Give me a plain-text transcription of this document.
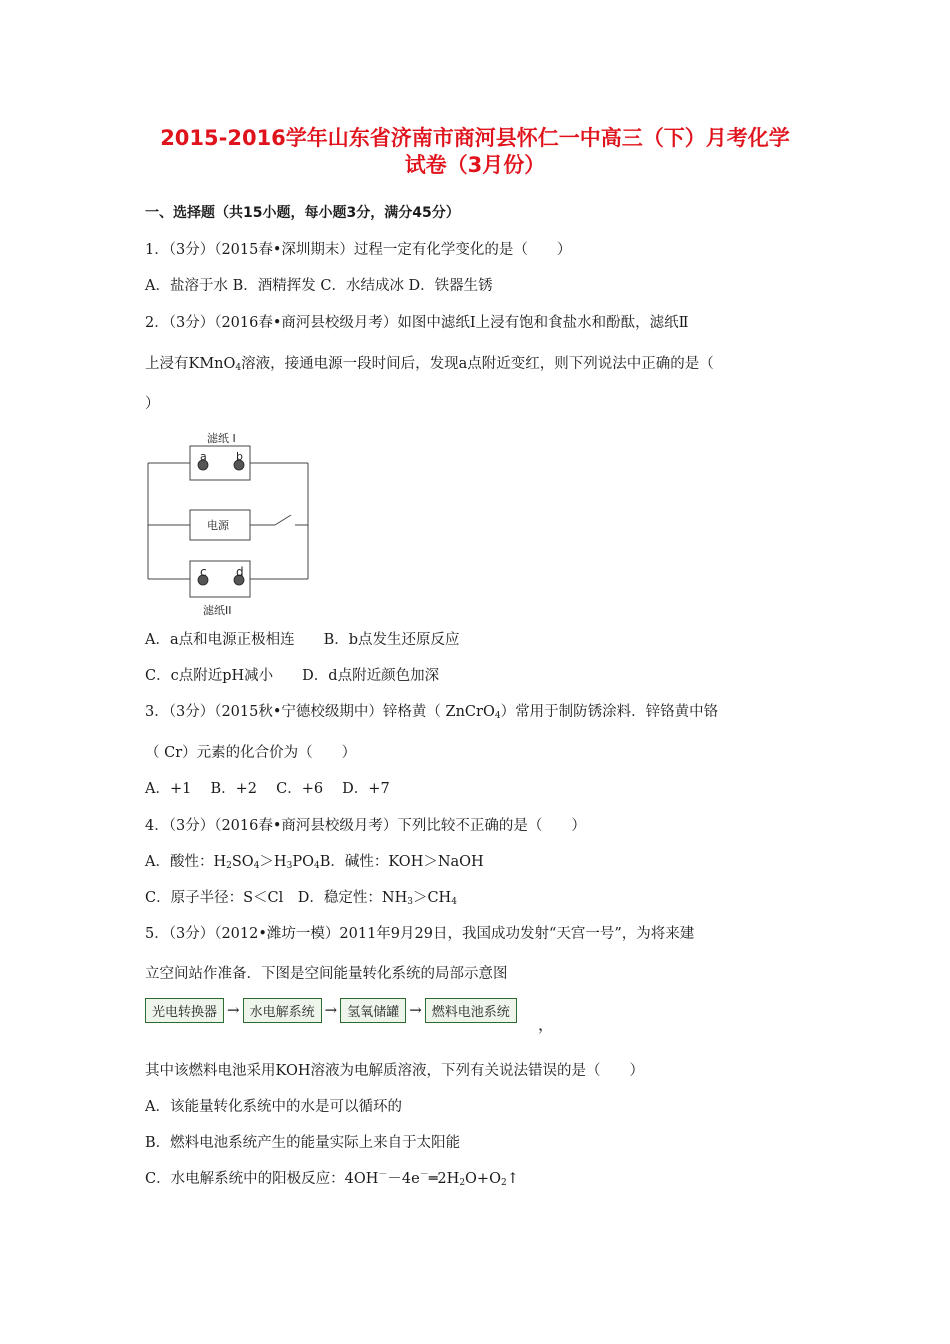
2015-2016学年山东省济南市商河县怀仁一中高三（下）月考化学
试卷（3月份）
一、选择题（共15小题，每小题3分，满分45分）
1．（3分）（2015春•深圳期末）过程一定有化学变化的是（　　）
A．盐溶于水 B．酒精挥发 C．水结成冰 D．铁器生锈
2．（3分）（2016春•商河县校级月考）如图中滤纸Ⅰ上浸有饱和食盐水和酚酞，滤纸Ⅱ
上浸有KMnO$_4$溶液，接通电源一段时间后，发现a点附近变红，则下列说法中正确的是（
）
滤纸 I
a	b
电源
c d
滤纸II
A．a点和电源正极相连　　B．b点发生还原反应
C．c点附近pH减小　　D．d点附近颜色加深
3．（3分）（2015秋•宁德校级期中）锌格黄（ ZnCrO$_4$）常用于制防锈涂料．锌铬黄中铬
（ Cr）元素的化合价为（　　）
A．+1　 B．+2　 C．+6　 D．+7
4．（3分）（2016春•商河县校级月考）下列比较不正确的是（　　）
A．酸性：$H_2SO_4>H_3PO_4B$．碱性：KOH＞NaOH
C．原子半径：S＜Cl　D．稳定性：$NH_3>CH_4$
5．（3分）（2012•潍坊一模）2011年9月29日，我国成功发射“天宫一号”，为将来建
立空间站作准备．下图是空间能量转化系统的局部示意图
光电转换器 → 水电解系统 → 氢氧储罐 → 燃料电池系统
，
其中该燃料电池采用KOH溶液为电解质溶液，下列有关说法错误的是（　　）
A．该能量转化系统中的水是可以循环的
B．燃料电池系统产生的能量实际上来自于太阳能
C．水电解系统中的阳极反应：$4OH^--4e^-═2H_2O+O_2↑$
